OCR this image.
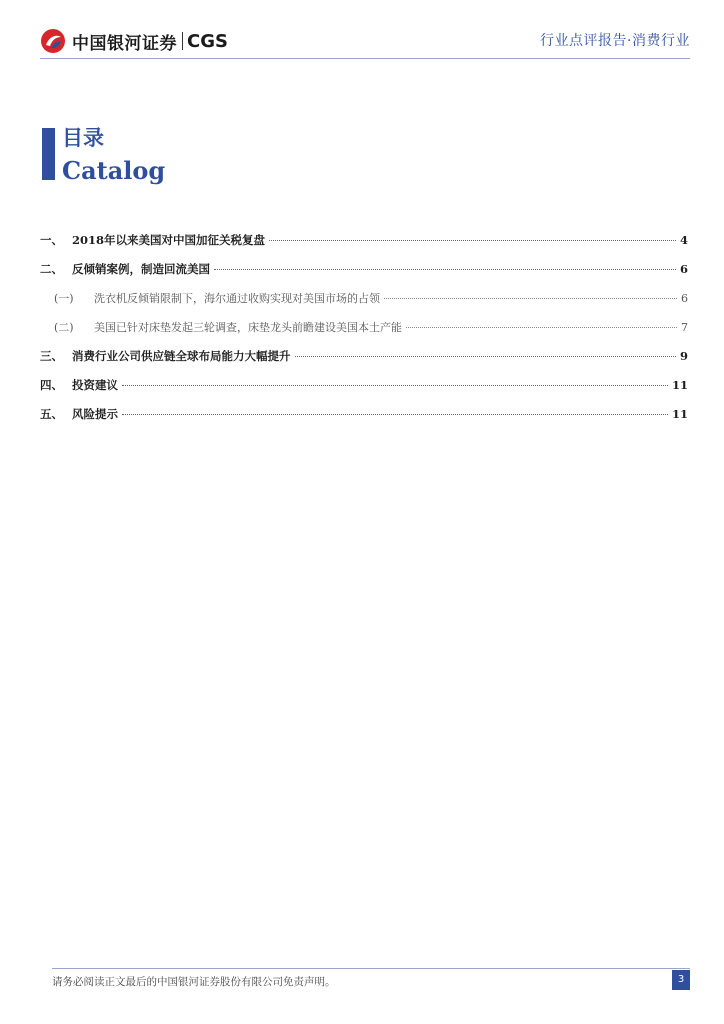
中国银河证券 CGS	行业点评报告·消费行业
目录
Catalog
一、 2018年以来美国对中国加征关税复盘	4
二、 反倾销案例，制造回流美国	6
(一)	洗衣机反倾销限制下，海尔通过收购实现对美国市场的占领	6
(二)	美国已针对床垫发起三轮调查，床垫龙头前瞻建设美国本土产能	7
三、 消费行业公司供应链全球布局能力大幅提升	9
四、 投资建议	11
五、 风险提示	11
请务必阅读正文最后的中国银河证券股份有限公司免责声明。	3
